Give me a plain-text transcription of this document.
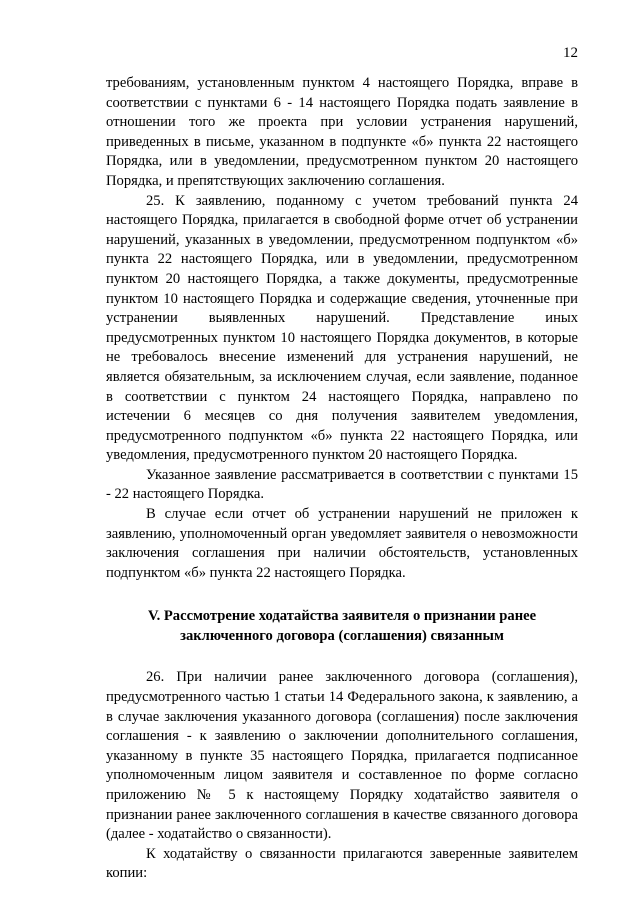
12

требованиям, установленным пунктом 4 настоящего Порядка, вправе в соответствии с пунктами 6 - 14 настоящего Порядка подать заявление в отношении того же проекта при условии устранения нарушений, приведенных в письме, указанном в подпункте «б» пункта 22 настоящего Порядка, или в уведомлении, предусмотренном пунктом 20 настоящего Порядка, и препятствующих заключению соглашения.

25. К заявлению, поданному с учетом требований пункта 24 настоящего Порядка, прилагается в свободной форме отчет об устранении нарушений, указанных в уведомлении, предусмотренном подпунктом «б» пункта 22 настоящего Порядка, или в уведомлении, предусмотренном пунктом 20 настоящего Порядка, а также документы, предусмотренные пунктом 10 настоящего Порядка и содержащие сведения, уточненные при устранении выявленных нарушений. Представление иных предусмотренных пунктом 10 настоящего Порядка документов, в которые не требовалось внесение изменений для устранения нарушений, не является обязательным, за исключением случая, если заявление, поданное в соответствии с пунктом 24 настоящего Порядка, направлено по истечении 6 месяцев со дня получения заявителем уведомления, предусмотренного подпунктом «б» пункта 22 настоящего Порядка, или уведомления, предусмотренного пунктом 20 настоящего Порядка.

Указанное заявление рассматривается в соответствии с пунктами 15 - 22 настоящего Порядка.

В случае если отчет об устранении нарушений не приложен к заявлению, уполномоченный орган уведомляет заявителя о невозможности заключения соглашения при наличии обстоятельств, установленных подпунктом «б» пункта 22 настоящего Порядка.

V. Рассмотрение ходатайства заявителя о признании ранее
заключенного договора (соглашения) связанным

26. При наличии ранее заключенного договора (соглашения), предусмотренного частью 1 статьи 14 Федерального закона, к заявлению, а в случае заключения указанного договора (соглашения) после заключения соглашения - к заявлению о заключении дополнительного соглашения, указанному в пункте 35 настоящего Порядка, прилагается подписанное уполномоченным лицом заявителя и составленное по форме согласно приложению № 5 к настоящему Порядку ходатайство заявителя о признании ранее заключенного соглашения в качестве связанного договора (далее - ходатайство о связанности).

К ходатайству о связанности прилагаются заверенные заявителем копии:
